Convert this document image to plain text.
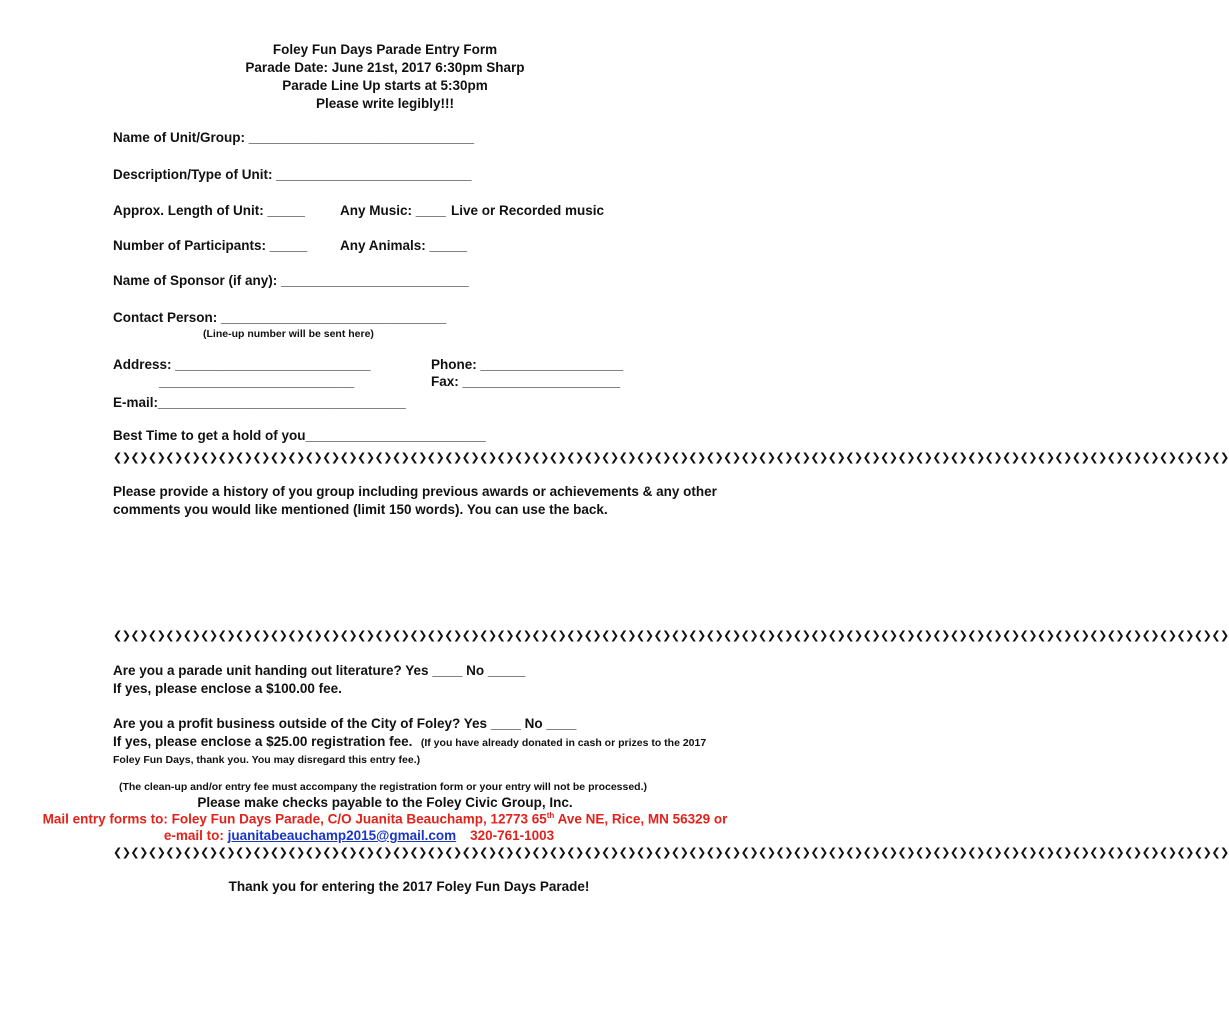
Foley Fun Days Parade Entry Form
Parade Date: June 21st, 2017 6:30pm Sharp
Parade Line Up starts at 5:30pm
Please write legibly!!!
Name of Unit/Group: ______________________________
Description/Type of Unit: __________________________
Approx. Length of Unit: _____	Any Music: ____ Live or Recorded music
Number of Participants: _____ Any Animals: _____
Name of Sponsor (if any): _________________________
Contact Person: ______________________________
(Line-up number will be sent here)
Address: __________________________
__________________________
Phone: ___________________
Fax: _____________________
E-mail:_________________________________
Best Time to get a hold of you________________________
❮❯❮❯❮❯❮❯❮❯❮❯❮❯❮❯❮❯❮❯❮❯❮❯❮❯❮❯❮❯❮❯❮❯❮❯❮❯❮❯❮❯❮❯❮❯❮❯❮❯❮❯❮❯❮❯❮❯❮❯❮❯❮❯❮❯❮❯❮❯❮❯❮❯❮❯❮❯❮❯❮❯❮❯❮❯❮❯❮❯❮❯❮❯❮❯❮❯❮❯❮❯❮❯❮❯❮❯❮❯❮❯❮❯❮❯❮❯❮❯❮❯❮❯❮❯❮❯
Please provide a history of you group including previous awards or achievements & any other
comments you would like mentioned (limit 150 words). You can use the back.
❮❯❮❯❮❯❮❯❮❯❮❯❮❯❮❯❮❯❮❯❮❯❮❯❮❯❮❯❮❯❮❯❮❯❮❯❮❯❮❯❮❯❮❯❮❯❮❯❮❯❮❯❮❯❮❯❮❯❮❯❮❯❮❯❮❯❮❯❮❯❮❯❮❯❮❯❮❯❮❯❮❯❮❯❮❯❮❯❮❯❮❯❮❯❮❯❮❯❮❯❮❯❮❯❮❯❮❯❮❯❮❯❮❯❮❯❮❯❮❯❮❯❮❯❮❯❮❯
Are you a parade unit handing out literature? Yes ____ No _____
If yes, please enclose a $100.00 fee.
Are you a profit business outside of the City of Foley? Yes ____ No ____
If yes, please enclose a $25.00 registration fee. (If you have already donated in cash or prizes to the 2017
Foley Fun Days, thank you. You may disregard this entry fee.)
(The clean-up and/or entry fee must accompany the registration form or your entry will not be processed.)
Please make checks payable to the Foley Civic Group, Inc.
Mail entry forms to: Foley Fun Days Parade, C/O Juanita Beauchamp, 12773 65th Ave NE, Rice, MN 56329 or
e-mail to: juanitabeauchamp2015@gmail.com 320-761-1003
❮❯❮❯❮❯❮❯❮❯❮❯❮❯❮❯❮❯❮❯❮❯❮❯❮❯❮❯❮❯❮❯❮❯❮❯❮❯❮❯❮❯❮❯❮❯❮❯❮❯❮❯❮❯❮❯❮❯❮❯❮❯❮❯❮❯❮❯❮❯❮❯❮❯❮❯❮❯❮❯❮❯❮❯❮❯❮❯❮❯❮❯❮❯❮❯❮❯❮❯❮❯❮❯❮❯❮❯❮❯❮❯❮❯❮❯❮❯❮❯❮❯❮❯❮❯❮❯
Thank you for entering the 2017 Foley Fun Days Parade!
